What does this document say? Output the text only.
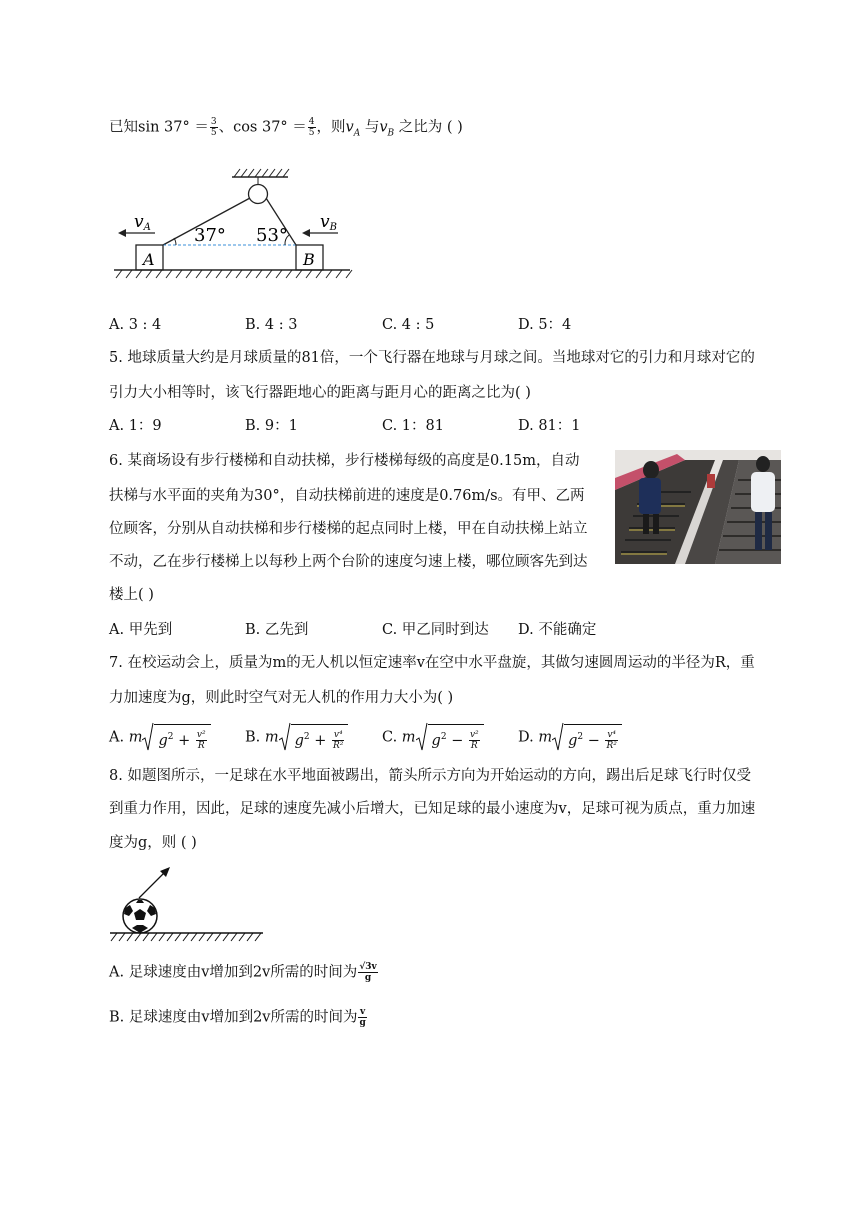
已知$\sin 37^\circ = \frac{3}{5}$ 、$\cos 37^\circ = \frac{4}{5}$ ，则$v_A$ 与$v_B$ 之比为 ( )
vA	vB
37° 53°
A	B
A. 3 : 4	B. 4 : 3	C. 4 : 5	D. 5：4
5. 地球质量大约是月球质量的81倍，一个飞行器在地球与月球之间。当地球对它的引力和月球对它的
引力大小相等时，该飞行器距地心的距离与距月心的距离之比为( )
A. 1：9	B. 9：1	C. 1：81	D. 81：1
6. 某商场设有步行楼梯和自动扶梯，步行楼梯每级的高度是0.15m，自动
扶梯与水平面的夹角为30°，自动扶梯前进的速度是0.76m/s。有甲、乙两
位顾客，分别从自动扶梯和步行楼梯的起点同时上楼，甲在自动扶梯上站立
不动，乙在步行楼梯上以每秒上两个台阶的速度匀速上楼，哪位顾客先到达
楼上( )
A. 甲先到	B. 乙先到	C. 甲乙同时到达 D. 不能确定
7. 在校运动会上，质量为m的无人机以恒定速率v在空中水平盘旋，其做匀速圆周运动的半径为R，重
力加速度为g，则此时空气对无人机的作用力大小为( )
A. m $g^2 + \frac{\text{v²}}{R}$	B. m $g^2 + \frac{\text{v⁴}}{\text{R²}}$	C. m $g^2 - \frac{\text{v²}}{R}$	D. m $g^2 - \frac{\text{v⁴}}{\text{R²}}$
8. 如题图所示，一足球在水平地面被踢出，箭头所示方向为开始运动的方向，踢出后足球飞行时仅受
到重力作用，因此，足球的速度先减小后增大，已知足球的最小速度为v，足球可视为质点，重力加速
度为g，则 ( )
A. 足球速度由v增加到2v所需的时间为 $\frac{√3v}{g}$
B. 足球速度由v增加到2v所需的时间为 $\frac{v}{g}$
